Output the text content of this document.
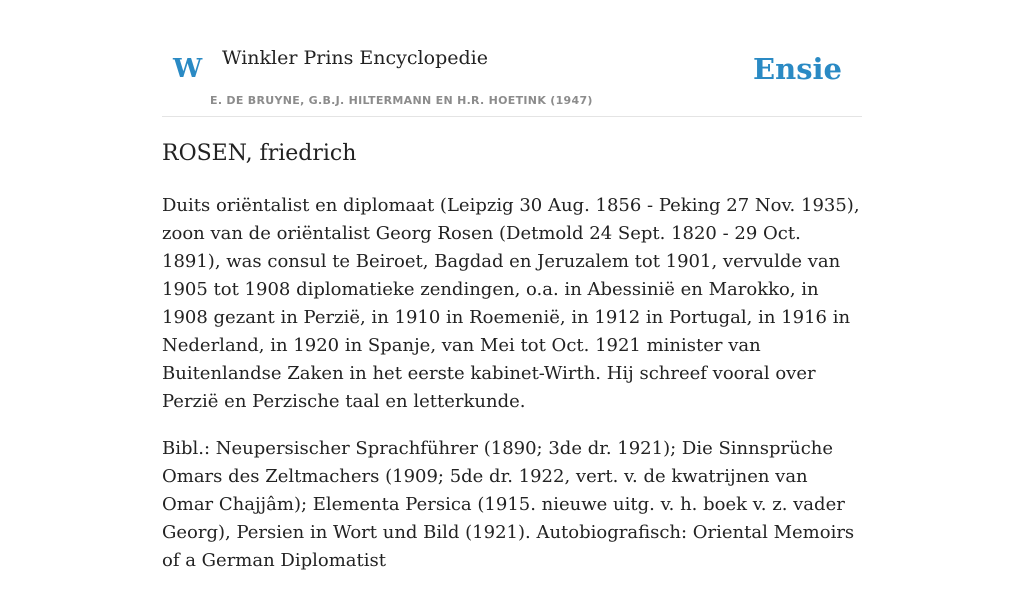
W Winkler Prins Encyclopedie
E. DE BRUYNE, G.B.J. HILTERMANN EN H.R. HOETINK (1947)
Ensie
ROSEN, friedrich

Duits oriëntalist en diplomaat (Leipzig 30 Aug. 1856 - Peking 27 Nov. 1935), zoon van de oriëntalist Georg Rosen (Detmold 24 Sept. 1820 - 29 Oct. 1891), was consul te Beiroet, Bagdad en Jeruzalem tot 1901, vervulde van 1905 tot 1908 diplomatieke zendingen, o.a. in Abessinië en Marokko, in 1908 gezant in Perzië, in 1910 in Roemenië, in 1912 in Portugal, in 1916 in Nederland, in 1920 in Spanje, van Mei tot Oct. 1921 minister van Buitenlandse Zaken in het eerste kabinet-Wirth. Hij schreef vooral over Perzië en Perzische taal en letterkunde.

Bibl.: Neupersischer Sprachführer (1890; 3de dr. 1921); Die Sinnsprüche Omars des Zeltmachers (1909; 5de dr. 1922, vert. v. de kwatrijnen van Omar Chajjâm); Elementa Persica (1915. nieuwe uitg. v. h. boek v. z. vader Georg), Persien in Wort und Bild (1921). Autobiografisch: Oriental Memoirs of a German Diplomatist
